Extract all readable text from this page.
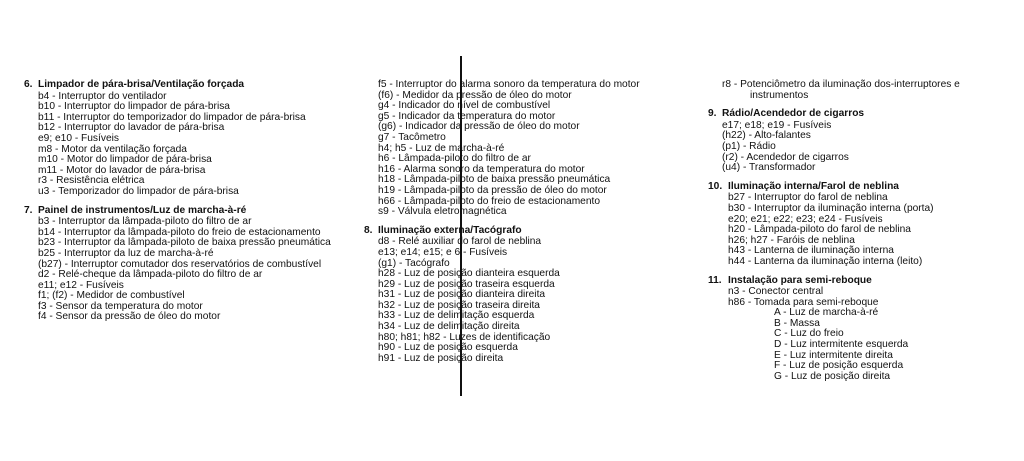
6. Limpador de pára-brisa/Ventilação forçada
b4 - Interruptor do ventilador
b10 - Interruptor do limpador de pára-brisa
b11 - Interruptor do temporizador do limpador de pára-brisa
b12 - Interruptor do lavador de pára-brisa
e9; e10 - Fusíveis
m8 - Motor da ventilação forçada
m10 - Motor do limpador de pára-brisa
m11 - Motor do lavador de pára-brisa
r3 - Resistência elétrica
u3 - Temporizador do limpador de pára-brisa
7. Painel de instrumentos/Luz de marcha-à-ré
b3 - Interruptor da lâmpada-piloto do filtro de ar
b14 - Interruptor da lâmpada-piloto do freio de estacionamento
b23 - Interruptor da lâmpada-piloto de baixa pressão pneumática
b25 - Interruptor da luz de marcha-à-ré
(b27) - Interruptor comutador dos reservatórios de combustível
d2 - Relé-cheque da lâmpada-piloto do filtro de ar
e11; e12 - Fusíveis
f1; (f2) - Medidor de combustível
f3 - Sensor da temperatura do motor
f4 - Sensor da pressão de óleo do motor
f5 - Interruptor do alarma sonoro da temperatura do motor
(f6) - Medidor da pressão de óleo do motor
g4 - Indicador do nível de combustível
g5 - Indicador da temperatura do motor
(g6) - Indicador da pressão de óleo do motor
g7 - Tacômetro
h4; h5 - Luz de marcha-à-ré
h6 - Lâmpada-piloto do filtro de ar
h16 - Alarma sonoro da temperatura do motor
h18 - Lâmpada-piloto de baixa pressão pneumática
h19 - Lâmpada-piloto da pressão de óleo do motor
h66 - Lâmpada-piloto do freio de estacionamento
s9 - Válvula eletromagnética
8. Iluminação externa/Tacógrafo
d8 - Relé auxiliar do farol de neblina
e13; e14; e15; e 6 - Fusíveis
(g1) - Tacógrafo
h28 - Luz de posição dianteira esquerda
h29 - Luz de posição traseira esquerda
h31 - Luz de posição dianteira direita
h32 - Luz de posição traseira direita
h33 - Luz de delimitação esquerda
h34 - Luz de delimitação direita
h80; h81; h82 - Luzes de identificação
h90 - Luz de posição esquerda
h91 - Luz de posição direita
r8 - Potenciômetro da iluminação dos-interruptores e instrumentos
9. Rádio/Acendedor de cigarros
e17; e18; e19 - Fusíveis
(h22) - Alto-falantes
(p1) - Rádio
(r2) - Acendedor de cigarros
(u4) - Transformador
10. Iluminação interna/Farol de neblina
b27 - Interruptor do farol de neblina
b30 - Interruptor da iluminação interna (porta)
e20; e21; e22; e23; e24 - Fusíveis
h20 - Lâmpada-piloto do farol de neblina
h26; h27 - Faróis de neblina
h43 - Lanterna de iluminação interna
h44 - Lanterna da iluminação interna (leito)
11. Instalação para semi-reboque
n3 - Conector central
h86 - Tomada para semi-reboque
A - Luz de marcha-à-ré
B - Massa
C - Luz do freio
D - Luz intermitente esquerda
E - Luz intermitente direita
F - Luz de posição esquerda
G - Luz de posição direita
